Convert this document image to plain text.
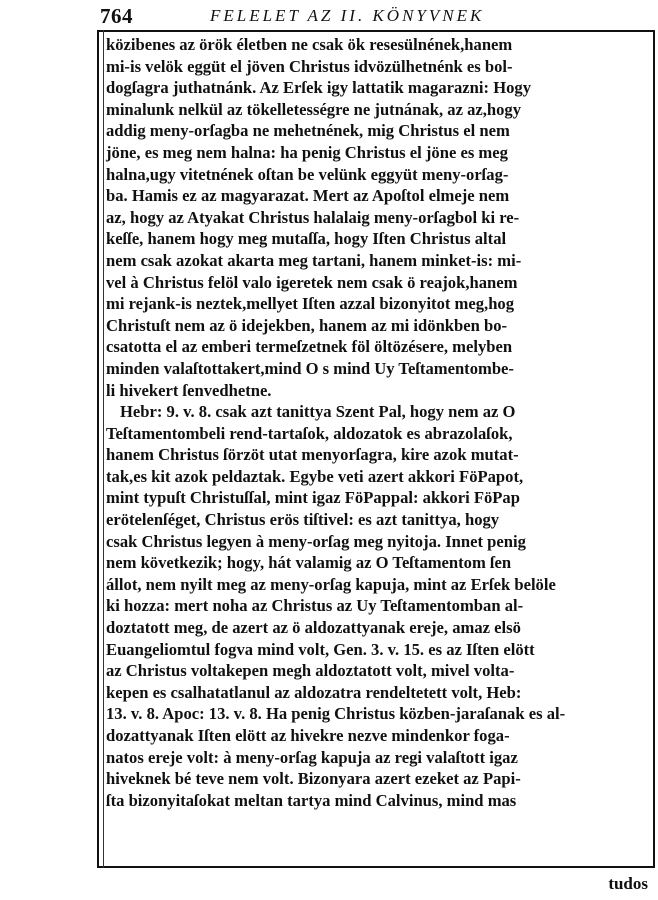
764	FELELET AZ II. KÖNYVNEK
közibenes az örök életben ne csak ök resesülnének,hanem
mi-is velök eggüt el jöven Christus idvözülhetnénk es bol-
dogſagra juthatnánk. Az Erſek igy lattatik magarazni: Hogy
minalunk nelkül az tökelletességre ne jutnának, az az,hogy
addig meny-orſagba ne mehetnének, mig Christus el nem
jöne, es meg nem halna: ha penig Christus el jöne es meg
halna,ugy vitetnének oſtan be velünk eggyüt meny-orſag-
ba. Hamis ez az magyarazat. Mert az Apoſtol elmeje nem
az, hogy az Atyakat Christus halalaig meny-orſagbol ki re-
keſſe, hanem hogy meg mutaſſa, hogy Iſten Christus altal
nem csak azokat akarta meg tartani, hanem minket-is: mi-
vel à Christus felöl valo igeretek nem csak ö reajok,hanem
mi rejank-is neztek,mellyet Iſten azzal bizonyitot meg,hog
Christuſt nem az ö idejekben, hanem az mi idönkben bo-
csatotta el az emberi termeſzetnek föl öltözésere, melyben
minden valaſtottakert,mind O s mind Uy Teſtamentombe-
li hivekert ſenvedhetne.
Hebr: 9. v. 8. csak azt tanittya Szent Pal, hogy nem az O
Teſtamentombeli rend-tartaſok, aldozatok es abrazolaſok,
hanem Christus ſörzöt utat menyorſagra, kire azok mutat-
tak,es kit azok peldaztak. Egybe veti azert akkori FöPapot,
mint typuſt Christuſſal, mint igaz FöPappal: akkori FöPap
erötelenſéget, Christus erös tiſtivel: es azt tanittya, hogy
csak Christus legyen à meny-orſag meg nyitoja. Innet penig
nem következik; hogy, hát valamig az O Teſtamentom ſen
állot, nem nyilt meg az meny-orſag kapuja, mint az Erſek belöle
ki hozza: mert noha az Christus az Uy Teſtamentomban al-
doztatott meg, de azert az ö aldozattyanak ereje, amaz elsö
Euangeliomtul fogva mind volt, Gen. 3. v. 15. es az Iſten elött
az Christus voltakepen megh aldoztatott volt, mivel volta-
kepen es csalhatatlanul az aldozatra rendeltetett volt, Heb:
13. v. 8. Apoc: 13. v. 8. Ha penig Christus közben-jaraſanak es al-
dozattyanak Iſten elött az hivekre nezve mindenkor foga-
natos ereje volt: à meny-orſag kapuja az regi valaſtott igaz
hiveknek bé teve nem volt. Bizonyara azert ezeket az Papi-
ſta bizonyitaſokat meltan tartya mind Calvinus, mind mas
tudos
